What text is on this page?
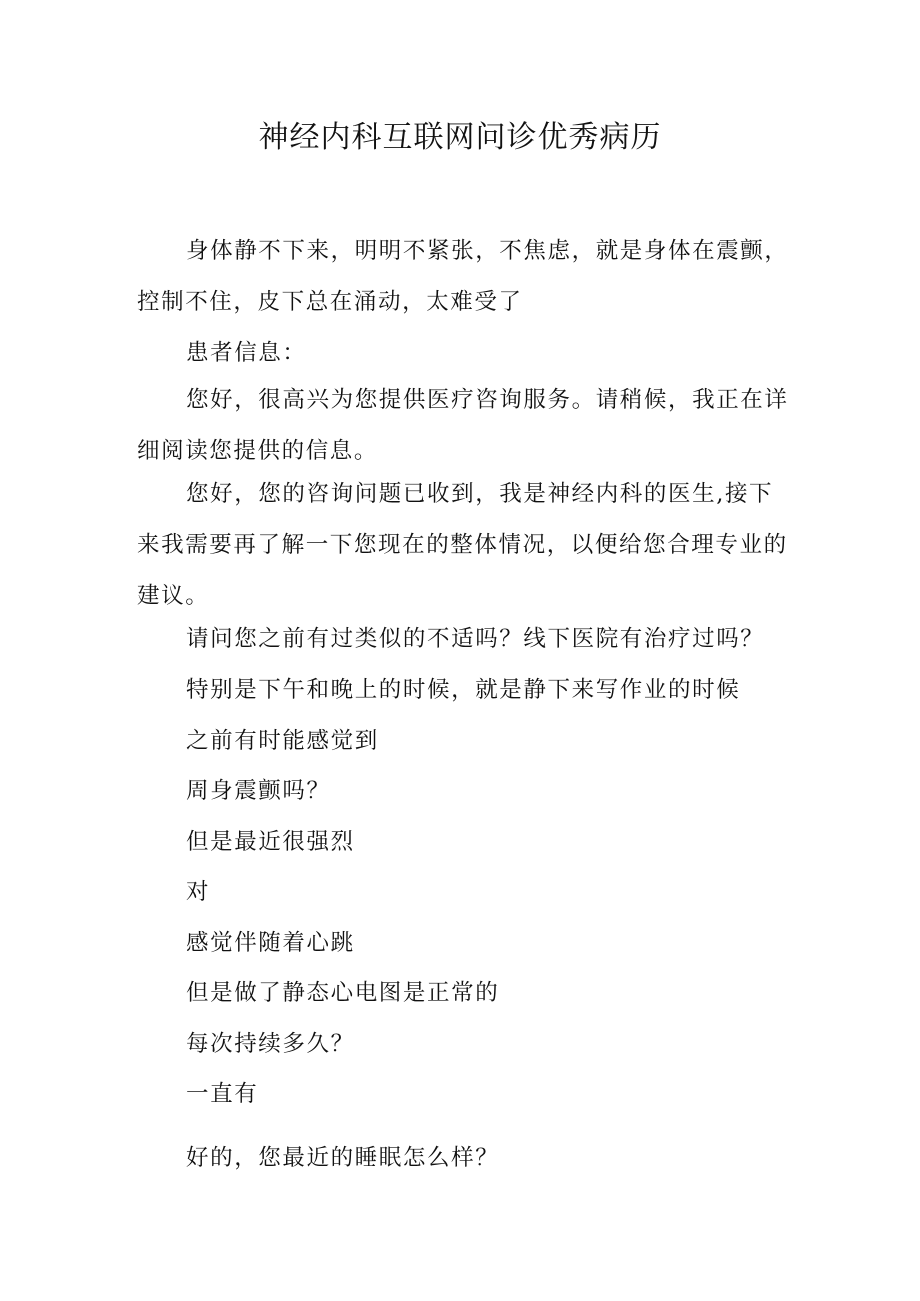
神经内科互联网问诊优秀病历

身体静不下来，明明不紧张，不焦虑，就是身体在震颤，控制不住，皮下总在涌动，太难受了

患者信息：

您好，很高兴为您提供医疗咨询服务。请稍候，我正在详细阅读您提供的信息。

您好，您的咨询问题已收到，我是神经内科的医生,接下来我需要再了解一下您现在的整体情况，以便给您合理专业的建议。

请问您之前有过类似的不适吗？线下医院有治疗过吗？

特别是下午和晚上的时候，就是静下来写作业的时候

之前有时能感觉到

周身震颤吗？

但是最近很强烈

对

感觉伴随着心跳

但是做了静态心电图是正常的

每次持续多久？

一直有

好的，您最近的睡眠怎么样？
